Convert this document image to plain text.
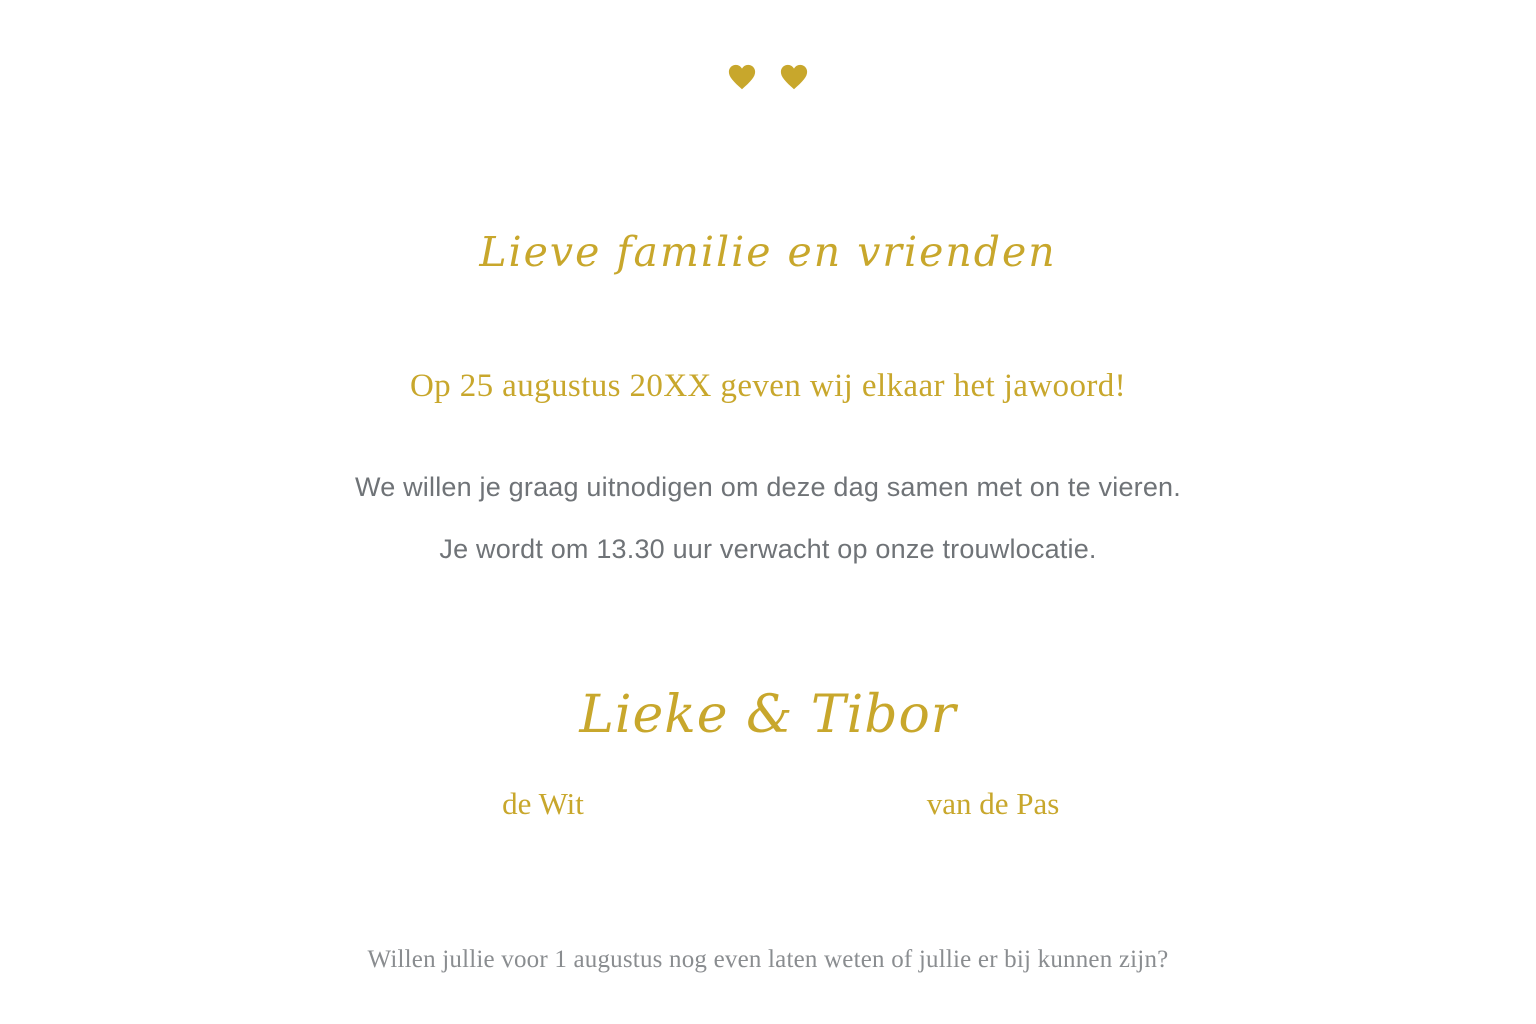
Lieve familie en vrienden
Op 25 augustus 20XX geven wij elkaar het jawoord!
We willen je graag uitnodigen om deze dag samen met on te vieren.
Je wordt om 13.30 uur verwacht op onze trouwlocatie.
Lieke & Tibor
de Wit	van de Pas
Willen jullie voor 1 augustus nog even laten weten of jullie er bij kunnen zijn?
